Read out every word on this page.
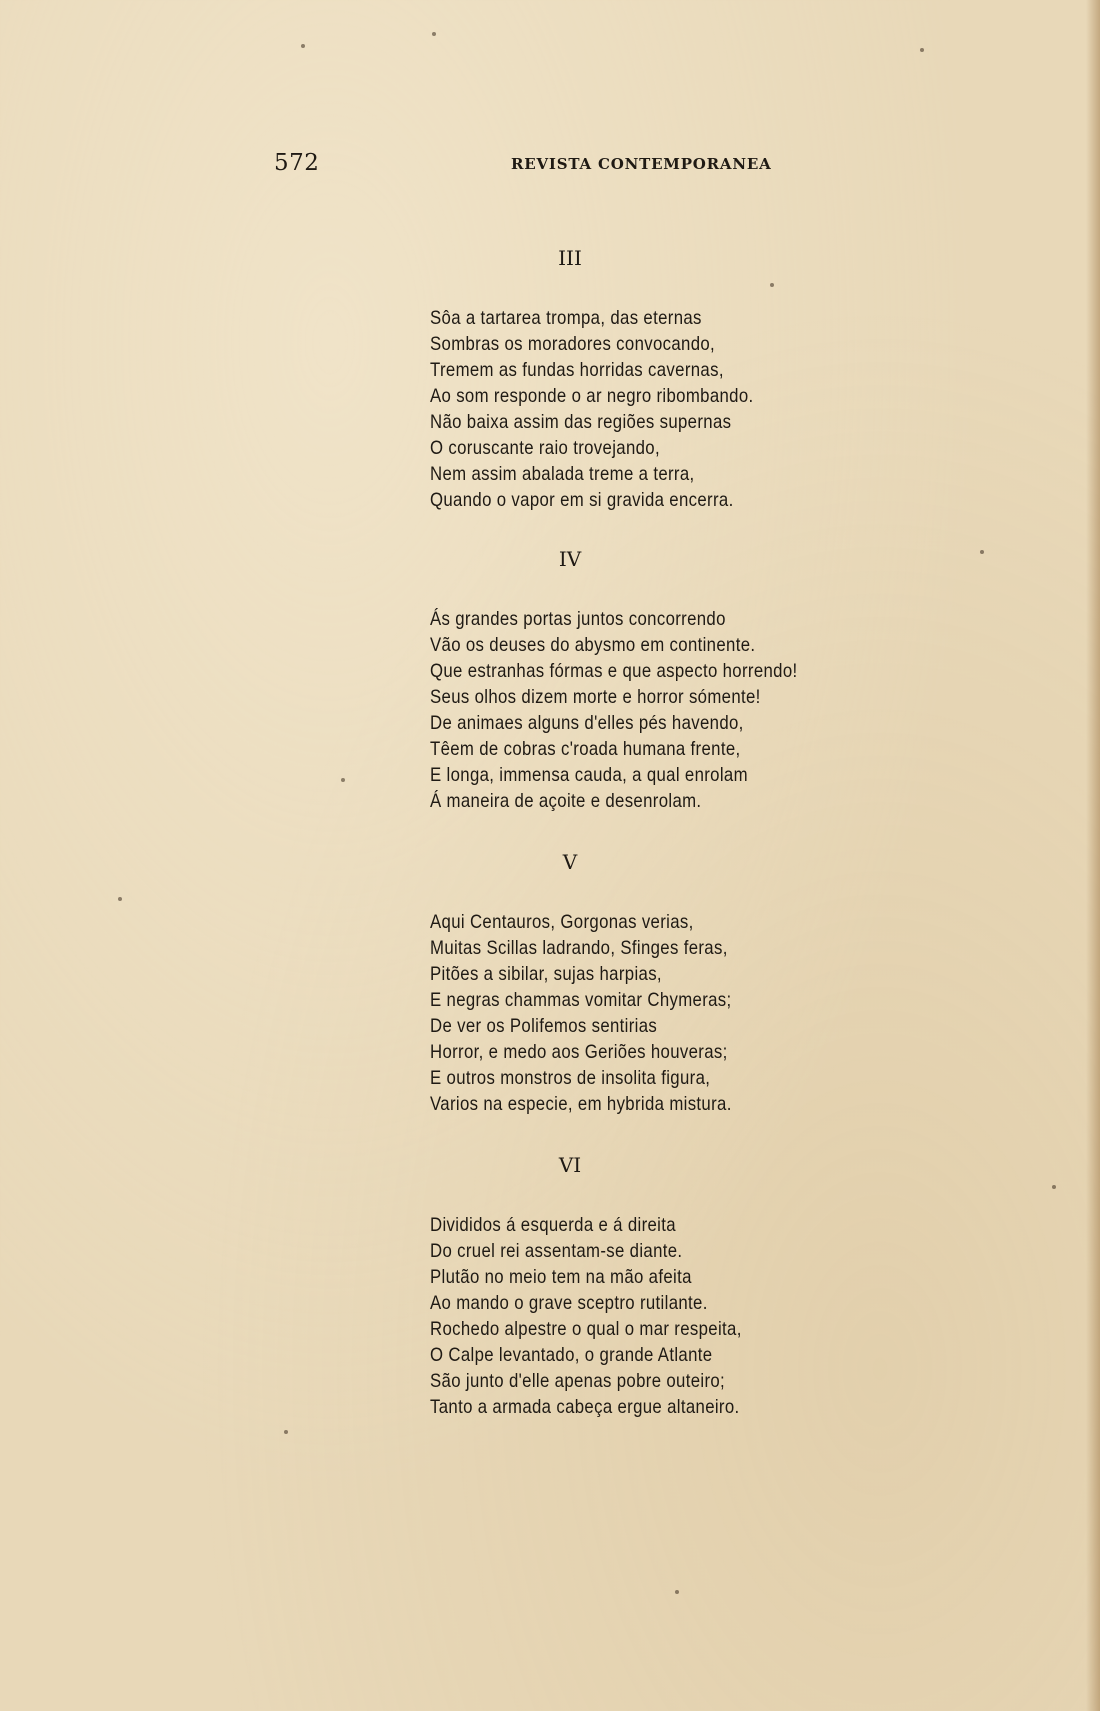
572	REVISTA CONTEMPORANEA
III
Sôa a tartarea trompa, das eternas
Sombras os moradores convocando,
Tremem as fundas horridas cavernas,
Ao som responde o ar negro ribombando.
Não baixa assim das regiões supernas
O coruscante raio trovejando,
Nem assim abalada treme a terra,
Quando o vapor em si gravida encerra.
IV
Ás grandes portas juntos concorrendo
Vão os deuses do abysmo em continente.
Que estranhas fórmas e que aspecto horrendo!
Seus olhos dizem morte e horror sómente!
De animaes alguns d'elles pés havendo,
Têem de cobras c'roada humana frente,
E longa, immensa cauda, a qual enrolam
Á maneira de açoite e desenrolam.
V
Aqui Centauros, Gorgonas verias,
Muitas Scillas ladrando, Sfinges feras,
Pitões a sibilar, sujas harpias,
E negras chammas vomitar Chymeras;
De ver os Polifemos sentirias
Horror, e medo aos Geriões houveras;
E outros monstros de insolita figura,
Varios na especie, em hybrida mistura.
VI
Divididos á esquerda e á direita
Do cruel rei assentam-se diante.
Plutão no meio tem na mão afeita
Ao mando o grave sceptro rutilante.
Rochedo alpestre o qual o mar respeita,
O Calpe levantado, o grande Atlante
São junto d'elle apenas pobre outeiro;
Tanto a armada cabeça ergue altaneiro.
